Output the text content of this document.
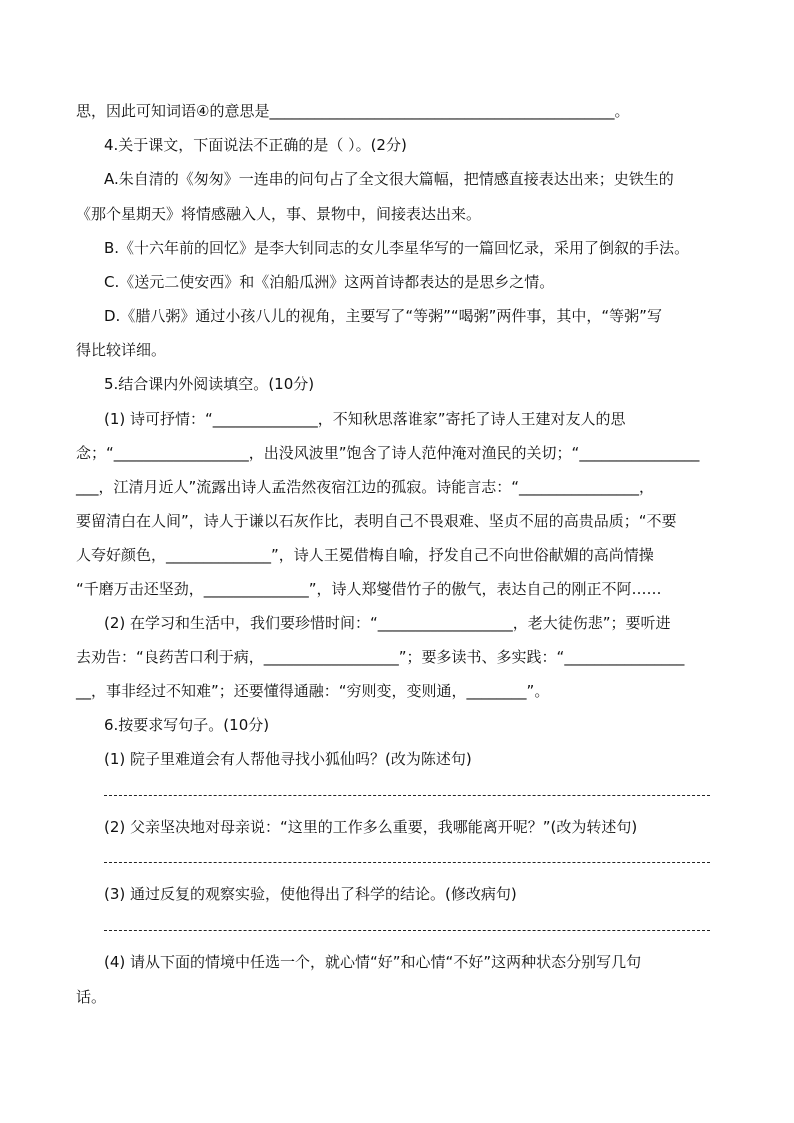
思，因此可知词语④的意思是______________________________________________。
4.关于课文，下面说法不正确的是（ ）。(2分)
A.朱自清的《匆匆》一连串的问句占了全文很大篇幅，把情感直接表达出来；史铁生的
《那个星期天》将情感融入人，事、景物中，间接表达出来。
B.《十六年前的回忆》是李大钊同志的女儿李星华写的一篇回忆录，采用了倒叙的手法。
C.《送元二使安西》和《泊船瓜洲》这两首诗都表达的是思乡之情。
D.《腊八粥》通过小孩八儿的视角，主要写了“等粥”“喝粥”两件事，其中，“等粥”写
得比较详细。
5.结合课内外阅读填空。(10分)
(1) 诗可抒情：“______________，不知秋思落谁家”寄托了诗人王建对友人的思
念；“__________________，出没风波里”饱含了诗人范仲淹对渔民的关切；“________________
___，江清月近人”流露出诗人孟浩然夜宿江边的孤寂。诗能言志：“________________，
要留清白在人间”，诗人于谦以石灰作比，表明自己不畏艰难、坚贞不屈的高贵品质；“不要
人夸好颜色，______________”，诗人王冕借梅自喻，抒发自己不向世俗献媚的高尚情操
“千磨万击还坚劲，______________”，诗人郑燮借竹子的傲气，表达自己的刚正不阿……
(2) 在学习和生活中，我们要珍惜时间：“__________________，老大徒伤悲”；要听进
去劝告：“良药苦口利于病，__________________”；要多读书、多实践：“________________
__，事非经过不知难”；还要懂得通融：“穷则变，变则通，________”。
6.按要求写句子。(10分)
(1) 院子里难道会有人帮他寻找小狐仙吗？(改为陈述句)
(2) 父亲坚决地对母亲说：“这里的工作多么重要，我哪能离开呢？”(改为转述句)
(3) 通过反复的观察实验，使他得出了科学的结论。(修改病句)
(4) 请从下面的情境中任选一个，就心情“好”和心情“不好”这两种状态分别写几句
话。
